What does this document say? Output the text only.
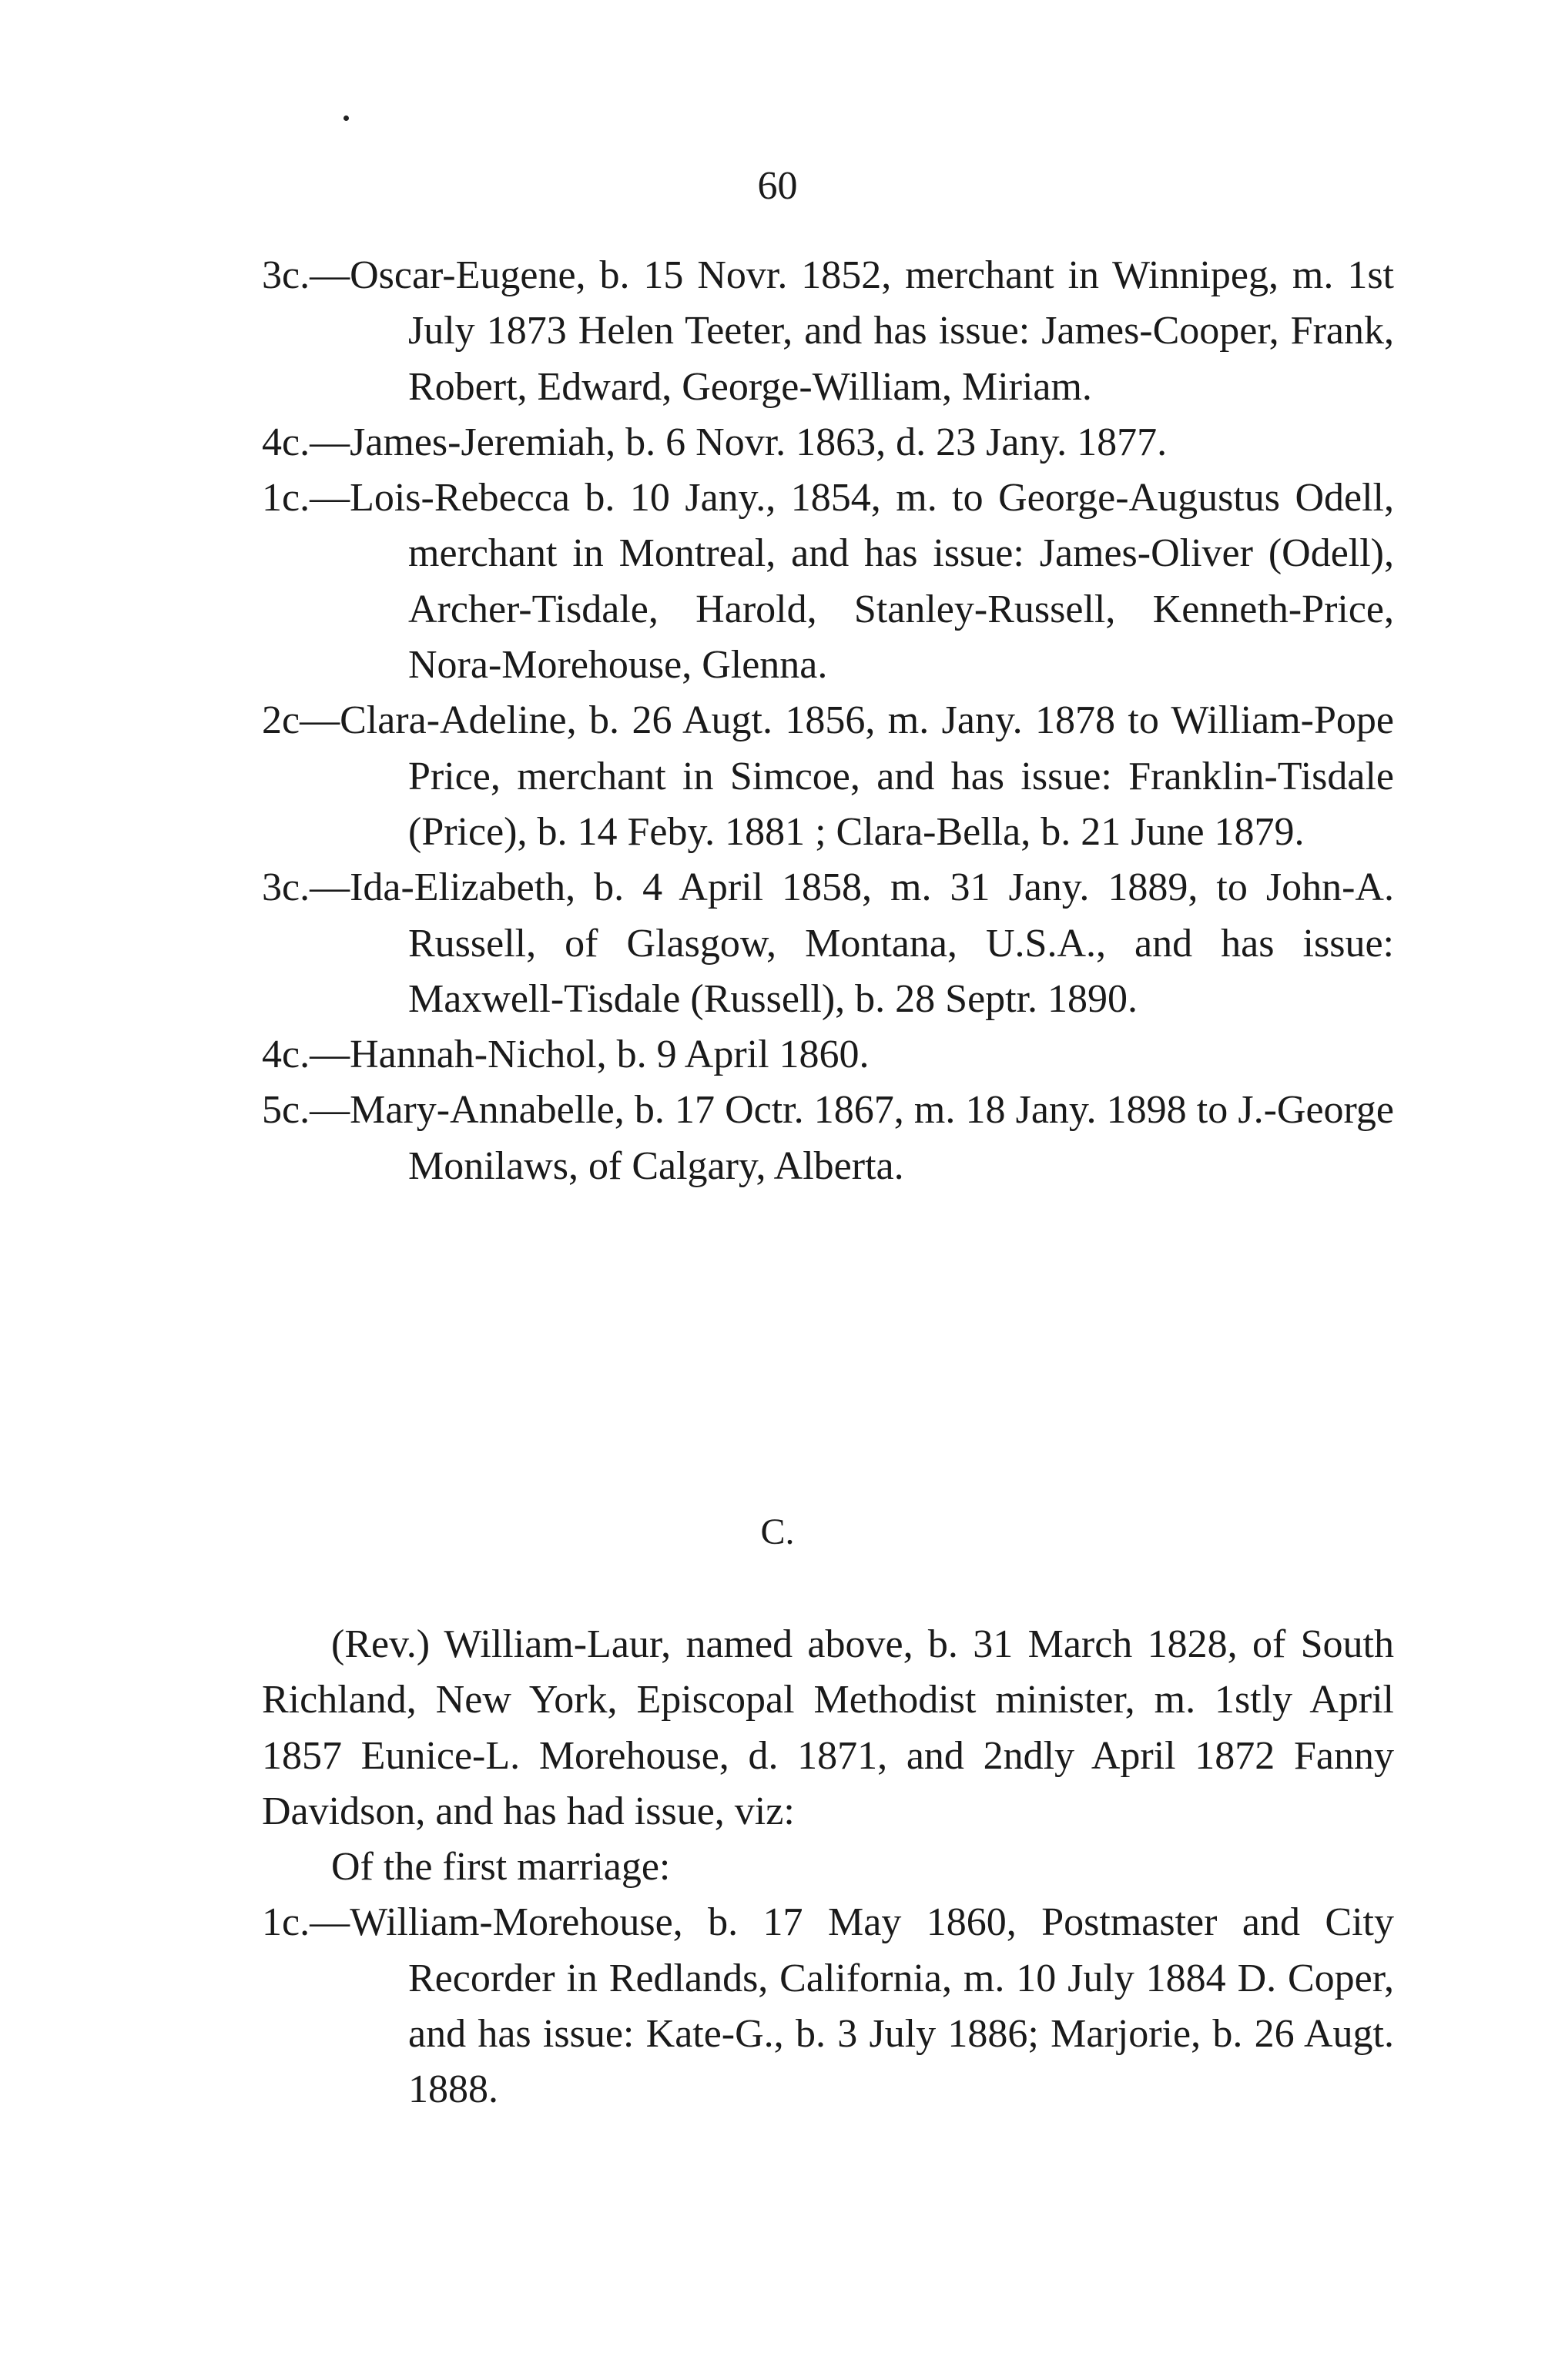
60
3c.—Oscar-Eugene, b. 15 Novr. 1852, merchant in Winnipeg, m. 1st July 1873 Helen Teeter, and has issue: James-Cooper, Frank, Robert, Edward, George-William, Miriam.
4c.—James-Jeremiah, b. 6 Novr. 1863, d. 23 Jany. 1877.
1c.—Lois-Rebecca b. 10 Jany., 1854, m. to George-Augustus Odell, merchant in Montreal, and has issue: James-Oliver (Odell), Archer-Tisdale, Harold, Stanley-Russell, Kenneth-Price, Nora-Morehouse, Glenna.
2c—Clara-Adeline, b. 26 Augt. 1856, m. Jany. 1878 to William-Pope Price, merchant in Simcoe, and has issue: Franklin-Tisdale (Price), b. 14 Feby. 1881 ; Clara-Bella, b. 21 June 1879.
3c.—Ida-Elizabeth, b. 4 April 1858, m. 31 Jany. 1889, to John-A. Russell, of Glasgow, Montana, U.S.A., and has issue: Maxwell-Tisdale (Russell), b. 28 Septr. 1890.
4c.—Hannah-Nichol, b. 9 April 1860.
5c.—Mary-Annabelle, b. 17 Octr. 1867, m. 18 Jany. 1898 to J.-George Monilaws, of Calgary, Alberta.
C.
(Rev.) William-Laur, named above, b. 31 March 1828, of South Richland, New York, Episcopal Methodist minister, m. 1stly April 1857 Eunice-L. Morehouse, d. 1871, and 2ndly April 1872 Fanny Davidson, and has had issue, viz:
Of the first marriage:
1c.—William-Morehouse, b. 17 May 1860, Postmaster and City Recorder in Redlands, California, m. 10 July 1884 D. Coper, and has issue: Kate-G., b. 3 July 1886; Marjorie, b. 26 Augt. 1888.
